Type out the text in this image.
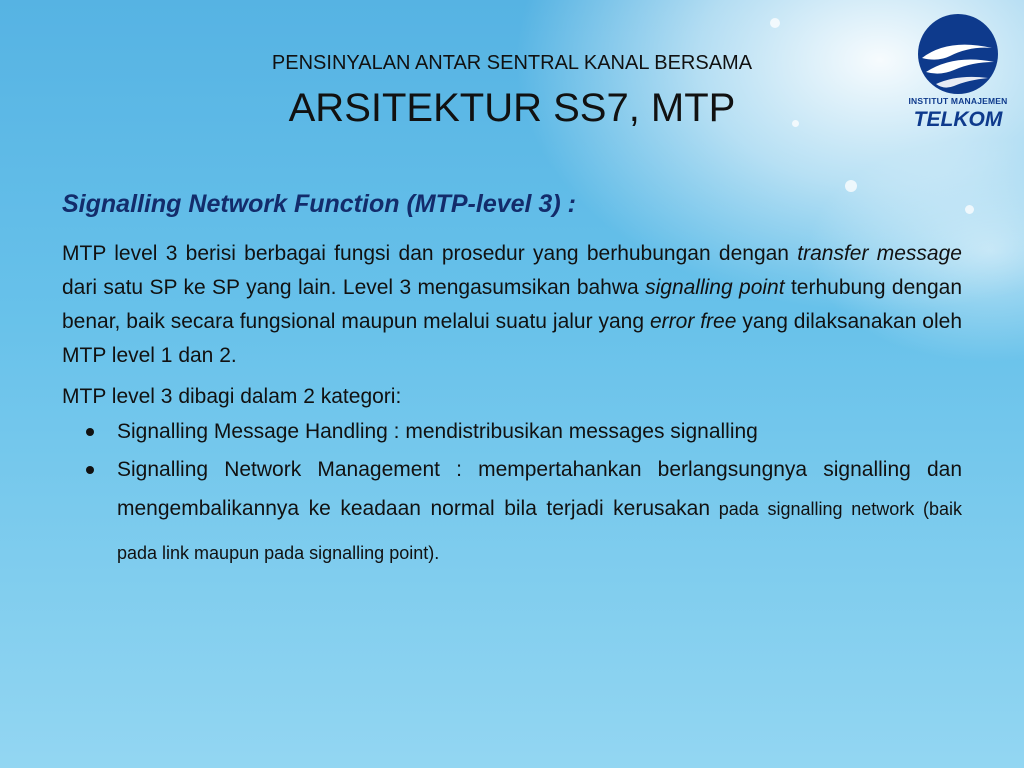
PENSINYALAN ANTAR SENTRAL KANAL BERSAMA
ARSITEKTUR SS7, MTP	INSTITUT MANAJEMEN
TELKOM
Signalling Network Function (MTP-level 3) :

MTP level 3 berisi berbagai fungsi dan prosedur yang berhubungan dengan transfer message dari satu SP ke SP yang lain. Level 3 mengasumsikan bahwa signalling point terhubung dengan benar, baik secara fungsional maupun melalui suatu jalur yang error free yang dilaksanakan oleh MTP level 1 dan 2.

MTP level 3 dibagi dalam 2 kategori:
Signalling Message Handling : mendistribusikan messages signalling
Signalling Network Management : mempertahankan berlangsungnya signalling dan mengembalikannya ke keadaan normal bila terjadi kerusakan pada signalling network (baik pada link maupun pada signalling point).
